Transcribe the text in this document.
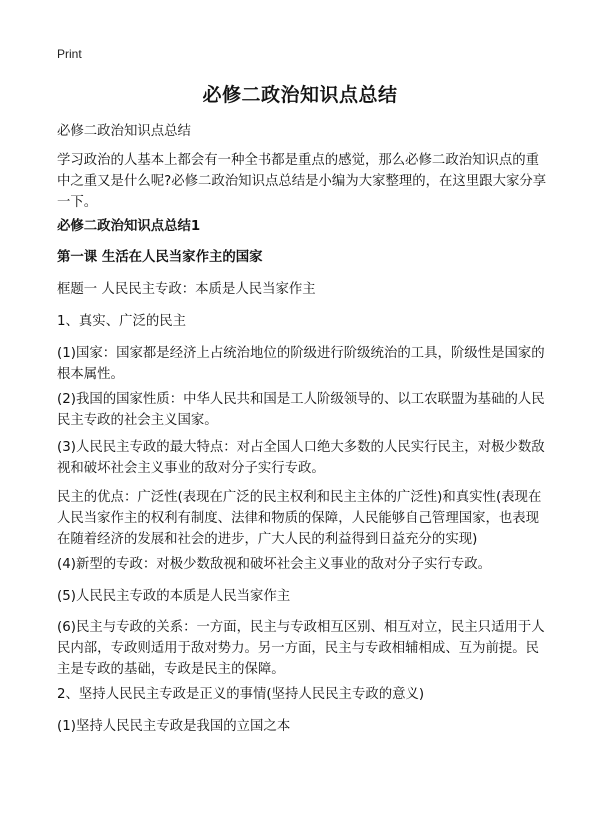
Print
必修二政治知识点总结

必修二政治知识点总结

学习政治的人基本上都会有一种全书都是重点的感觉，那么必修二政治知识点的重中之重又是什么呢?必修二政治知识点总结是小编为大家整理的，在这里跟大家分享一下。

必修二政治知识点总结1

第一课 生活在人民当家作主的国家

框题一 人民民主专政：本质是人民当家作主

1、真实、广泛的民主

(1)国家：国家都是经济上占统治地位的阶级进行阶级统治的工具，阶级性是国家的根本属性。

(2)我国的国家性质：中华人民共和国是工人阶级领导的、以工农联盟为基础的人民民主专政的社会主义国家。

(3)人民民主专政的最大特点：对占全国人口绝大多数的人民实行民主，对极少数敌视和破坏社会主义事业的敌对分子实行专政。

民主的优点：广泛性(表现在广泛的民主权利和民主主体的广泛性)和真实性(表现在人民当家作主的权利有制度、法律和物质的保障，人民能够自己管理国家，也表现在随着经济的发展和社会的进步，广大人民的利益得到日益充分的实现)

(4)新型的专政：对极少数敌视和破坏社会主义事业的敌对分子实行专政。

(5)人民民主专政的本质是人民当家作主

(6)民主与专政的关系：一方面，民主与专政相互区别、相互对立，民主只适用于人民内部，专政则适用于敌对势力。另一方面，民主与专政相辅相成、互为前提。民主是专政的基础，专政是民主的保障。

2、坚持人民民主专政是正义的事情(坚持人民民主专政的意义)

(1)坚持人民民主专政是我国的立国之本
